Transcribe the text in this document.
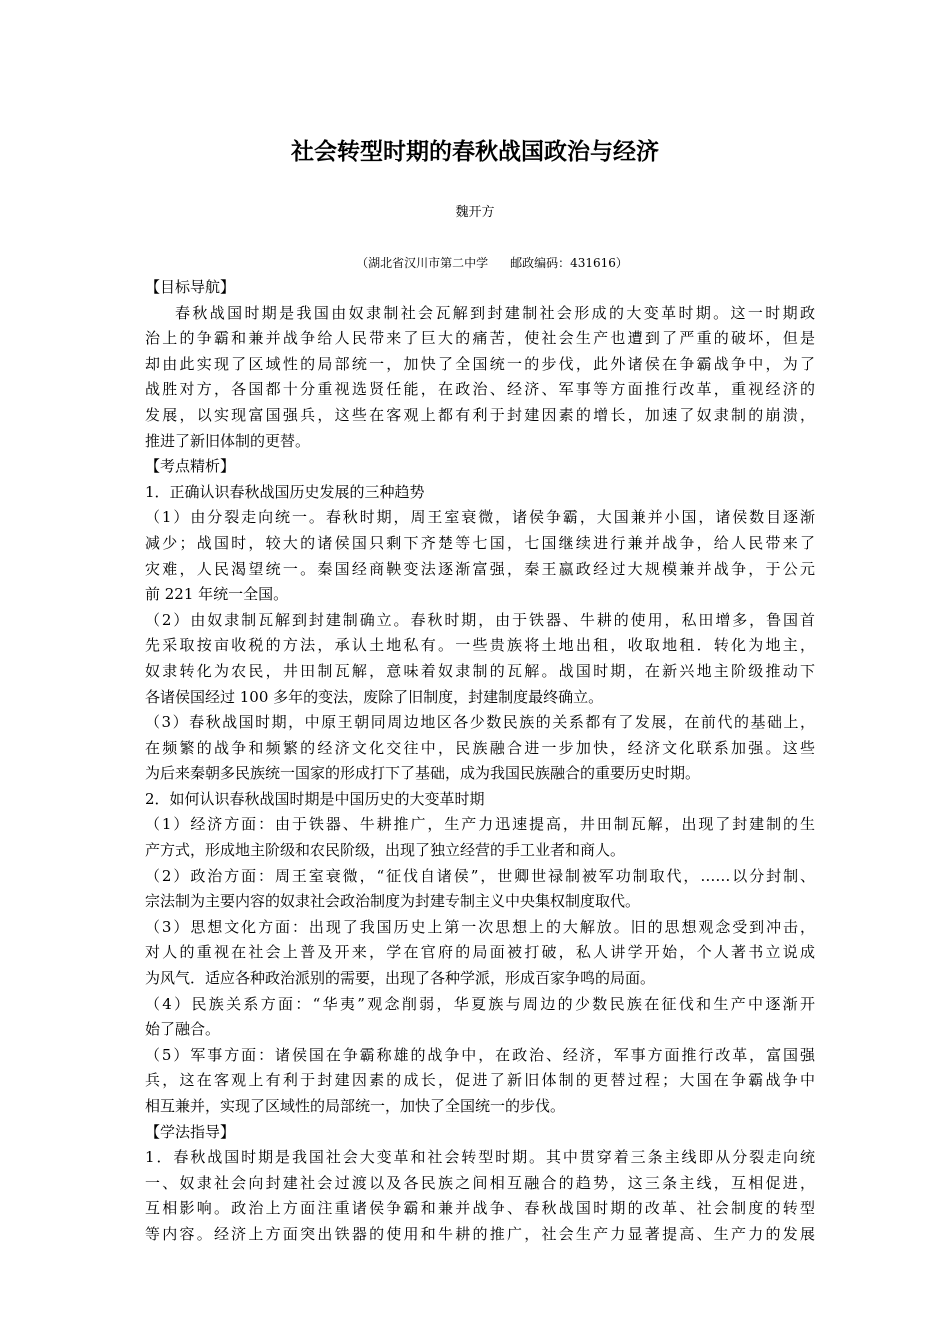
社会转型时期的春秋战国政治与经济
魏开方
（湖北省汉川市第二中学 邮政编码：431616）
【目标导航】
春秋战国时期是我国由奴隶制社会瓦解到封建制社会形成的大变革时期。这一时期政
治上的争霸和兼并战争给人民带来了巨大的痛苦，使社会生产也遭到了严重的破坏，但是
却由此实现了区域性的局部统一，加快了全国统一的步伐，此外诸侯在争霸战争中，为了
战胜对方，各国都十分重视选贤任能，在政治、经济、军事等方面推行改革，重视经济的
发展，以实现富国强兵，这些在客观上都有利于封建因素的增长，加速了奴隶制的崩溃，
推进了新旧体制的更替。
【考点精析】
1．正确认识春秋战国历史发展的三种趋势
（1）由分裂走向统一。春秋时期，周王室衰微，诸侯争霸，大国兼并小国，诸侯数目逐渐
减少；战国时，较大的诸侯国只剩下齐楚等七国，七国继续进行兼并战争，给人民带来了
灾难，人民渴望统一。秦国经商鞅变法逐渐富强，秦王嬴政经过大规模兼并战争，于公元
前 221 年统一全国。
（2）由奴隶制瓦解到封建制确立。春秋时期，由于铁器、牛耕的使用，私田增多，鲁国首
先采取按亩收税的方法，承认土地私有。一些贵族将土地出租，收取地租．转化为地主，
奴隶转化为农民，井田制瓦解，意味着奴隶制的瓦解。战国时期，在新兴地主阶级推动下
各诸侯国经过 100 多年的变法，废除了旧制度，封建制度最终确立。
（3）春秋战国时期，中原王朝同周边地区各少数民族的关系都有了发展，在前代的基础上，
在频繁的战争和频繁的经济文化交往中，民族融合进一步加快，经济文化联系加强。这些
为后来秦朝多民族统一国家的形成打下了基础，成为我国民族融合的重要历史时期。
2．如何认识春秋战国时期是中国历史的大变革时期
（1）经济方面：由于铁器、牛耕推广，生产力迅速提高，井田制瓦解，出现了封建制的生
产方式，形成地主阶级和农民阶级，出现了独立经营的手工业者和商人。
（2）政治方面：周王室衰微，“征伐自诸侯”，世卿世禄制被军功制取代，……以分封制、
宗法制为主要内容的奴隶社会政治制度为封建专制主义中央集权制度取代。
（3）思想文化方面：出现了我国历史上第一次思想上的大解放。旧的思想观念受到冲击，
对人的重视在社会上普及开来，学在官府的局面被打破，私人讲学开始，个人著书立说成
为风气．适应各种政治派别的需要，出现了各种学派，形成百家争鸣的局面。
（4）民族关系方面：“华夷”观念削弱，华夏族与周边的少数民族在征伐和生产中逐渐开
始了融合。
（5）军事方面：诸侯国在争霸称雄的战争中，在政治、经济，军事方面推行改革，富国强
兵，这在客观上有利于封建因素的成长，促进了新旧体制的更替过程；大国在争霸战争中
相互兼并，实现了区域性的局部统一，加快了全国统一的步伐。
【学法指导】
1．春秋战国时期是我国社会大变革和社会转型时期。其中贯穿着三条主线即从分裂走向统
一、奴隶社会向封建社会过渡以及各民族之间相互融合的趋势，这三条主线，互相促进，
互相影响。政治上方面注重诸侯争霸和兼并战争、春秋战国时期的改革、社会制度的转型
等内容。经济上方面突出铁器的使用和牛耕的推广，社会生产力显著提高、生产力的发展
